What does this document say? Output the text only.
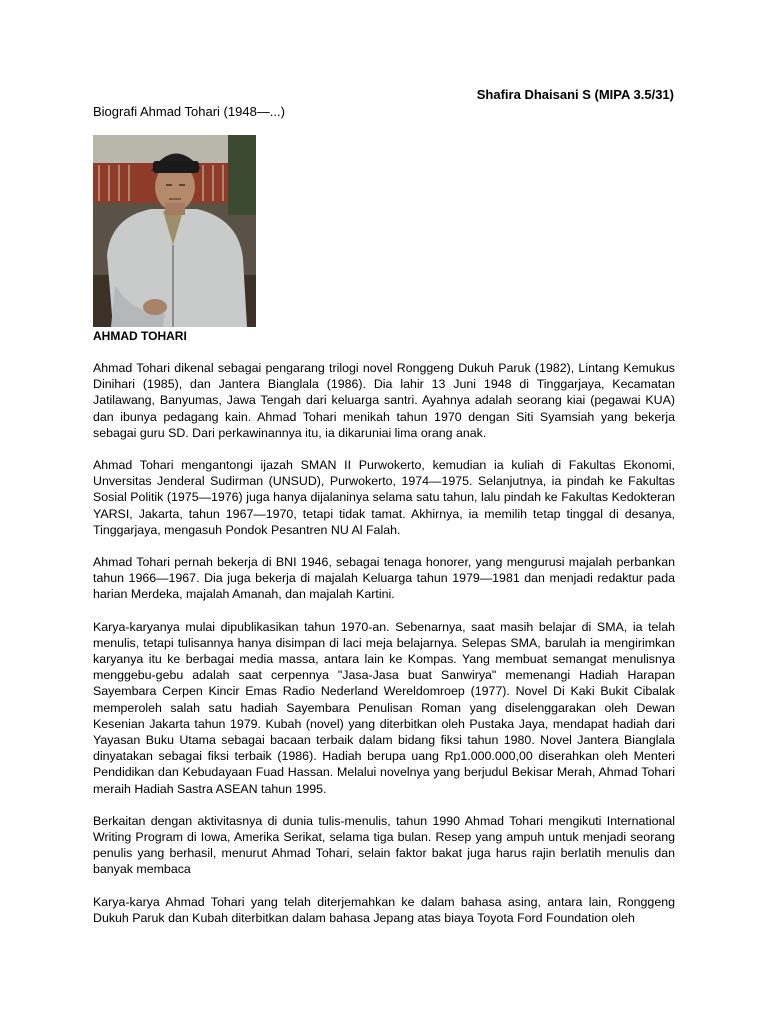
Shafira Dhaisani S (MIPA 3.5/31)
Biografi Ahmad Tohari (1948—...)
AHMAD TOHARI

Ahmad Tohari dikenal sebagai pengarang trilogi novel Ronggeng Dukuh Paruk (1982), Lintang Kemukus Dinihari (1985), dan Jantera Bianglala (1986). Dia lahir 13 Juni 1948 di Tinggarjaya, Kecamatan Jatilawang, Banyumas, Jawa Tengah dari keluarga santri. Ayahnya adalah seorang kiai (pegawai KUA) dan ibunya pedagang kain. Ahmad Tohari menikah tahun 1970 dengan Siti Syamsiah yang bekerja sebagai guru SD. Dari perkawinannya itu, ia dikaruniai lima orang anak.

Ahmad Tohari mengantongi ijazah SMAN II Purwokerto, kemudian ia kuliah di Fakultas Ekonomi, Unversitas Jenderal Sudirman (UNSUD), Purwokerto, 1974—1975. Selanjutnya, ia pindah ke Fakultas Sosial Politik (1975—1976) juga hanya dijalaninya selama satu tahun, lalu pindah ke Fakultas Kedokteran YARSI, Jakarta, tahun 1967—1970, tetapi tidak tamat. Akhirnya, ia memilih tetap tinggal di desanya, Tinggarjaya, mengasuh Pondok Pesantren NU Al Falah.

Ahmad Tohari pernah bekerja di BNI 1946, sebagai tenaga honorer, yang mengurusi majalah perbankan tahun 1966—1967. Dia juga bekerja di majalah Keluarga tahun 1979—1981 dan menjadi redaktur pada harian Merdeka, majalah Amanah, dan majalah Kartini.

Karya-karyanya mulai dipublikasikan tahun 1970-an. Sebenarnya, saat masih belajar di SMA, ia telah menulis, tetapi tulisannya hanya disimpan di laci meja belajarnya. Selepas SMA, barulah ia mengirimkan karyanya itu ke berbagai media massa, antara lain ke Kompas. Yang membuat semangat menulisnya menggebu-gebu adalah saat cerpennya "Jasa-Jasa buat Sanwirya" memenangi Hadiah Harapan Sayembara Cerpen Kincir Emas Radio Nederland Wereldomroep (1977). Novel Di Kaki Bukit Cibalak memperoleh salah satu hadiah Sayembara Penulisan Roman yang diselenggarakan oleh Dewan Kesenian Jakarta tahun 1979. Kubah (novel) yang diterbitkan oleh Pustaka Jaya, mendapat hadiah dari Yayasan Buku Utama sebagai bacaan terbaik dalam bidang fiksi tahun 1980. Novel Jantera Bianglala dinyatakan sebagai fiksi terbaik (1986). Hadiah berupa uang Rp1.000.000,00 diserahkan oleh Menteri Pendidikan dan Kebudayaan Fuad Hassan. Melalui novelnya yang berjudul Bekisar Merah, Ahmad Tohari meraih Hadiah Sastra ASEAN tahun 1995.

Berkaitan dengan aktivitasnya di dunia tulis-menulis, tahun 1990 Ahmad Tohari mengikuti International Writing Program di Iowa, Amerika Serikat, selama tiga bulan. Resep yang ampuh untuk menjadi seorang penulis yang berhasil, menurut Ahmad Tohari, selain faktor bakat juga harus rajin berlatih menulis dan banyak membaca

Karya-karya Ahmad Tohari yang telah diterjemahkan ke dalam bahasa asing, antara lain, Ronggeng Dukuh Paruk dan Kubah diterbitkan dalam bahasa Jepang atas biaya Toyota Ford Foundation oleh
